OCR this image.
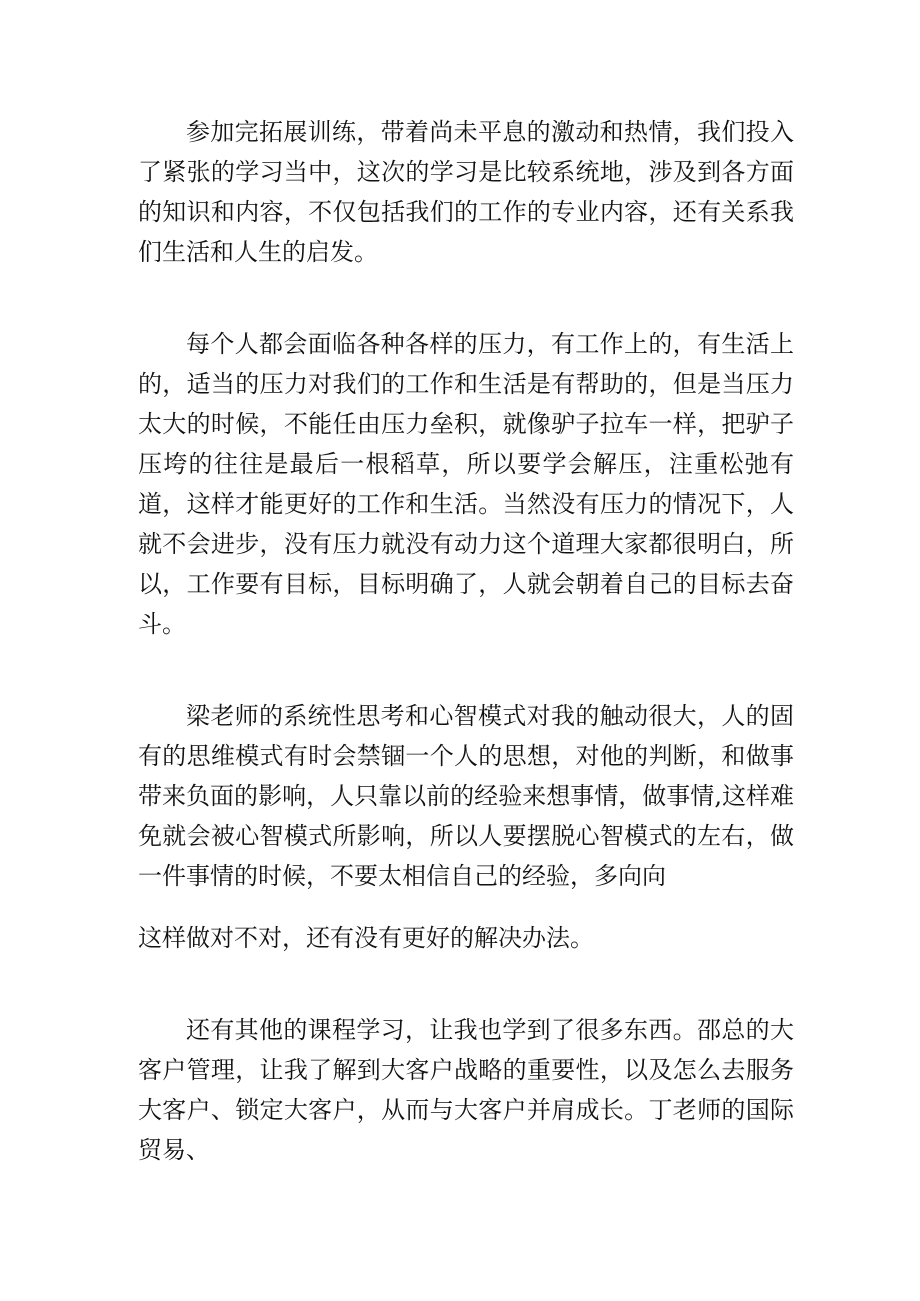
参加完拓展训练，带着尚未平息的激动和热情，我们投入了紧张的学习当中，这次的学习是比较系统地，涉及到各方面的知识和内容，不仅包括我们的工作的专业内容，还有关系我们生活和人生的启发。

每个人都会面临各种各样的压力，有工作上的，有生活上的，适当的压力对我们的工作和生活是有帮助的，但是当压力太大的时候，不能任由压力垒积，就像驴子拉车一样，把驴子压垮的往往是最后一根稻草，所以要学会解压，注重松弛有道，这样才能更好的工作和生活。当然没有压力的情况下，人就不会进步，没有压力就没有动力这个道理大家都很明白，所以，工作要有目标，目标明确了，人就会朝着自己的目标去奋斗。

梁老师的系统性思考和心智模式对我的触动很大，人的固有的思维模式有时会禁锢一个人的思想，对他的判断，和做事带来负面的影响，人只靠以前的经验来想事情，做事情,这样难免就会被心智模式所影响，所以人要摆脱心智模式的左右，做一件事情的时候，不要太相信自己的经验，多向向

这样做对不对，还有没有更好的解决办法。

还有其他的课程学习，让我也学到了很多东西。邵总的大客户管理，让我了解到大客户战略的重要性，以及怎么去服务大客户、锁定大客户，从而与大客户并肩成长。丁老师的国际贸易、
